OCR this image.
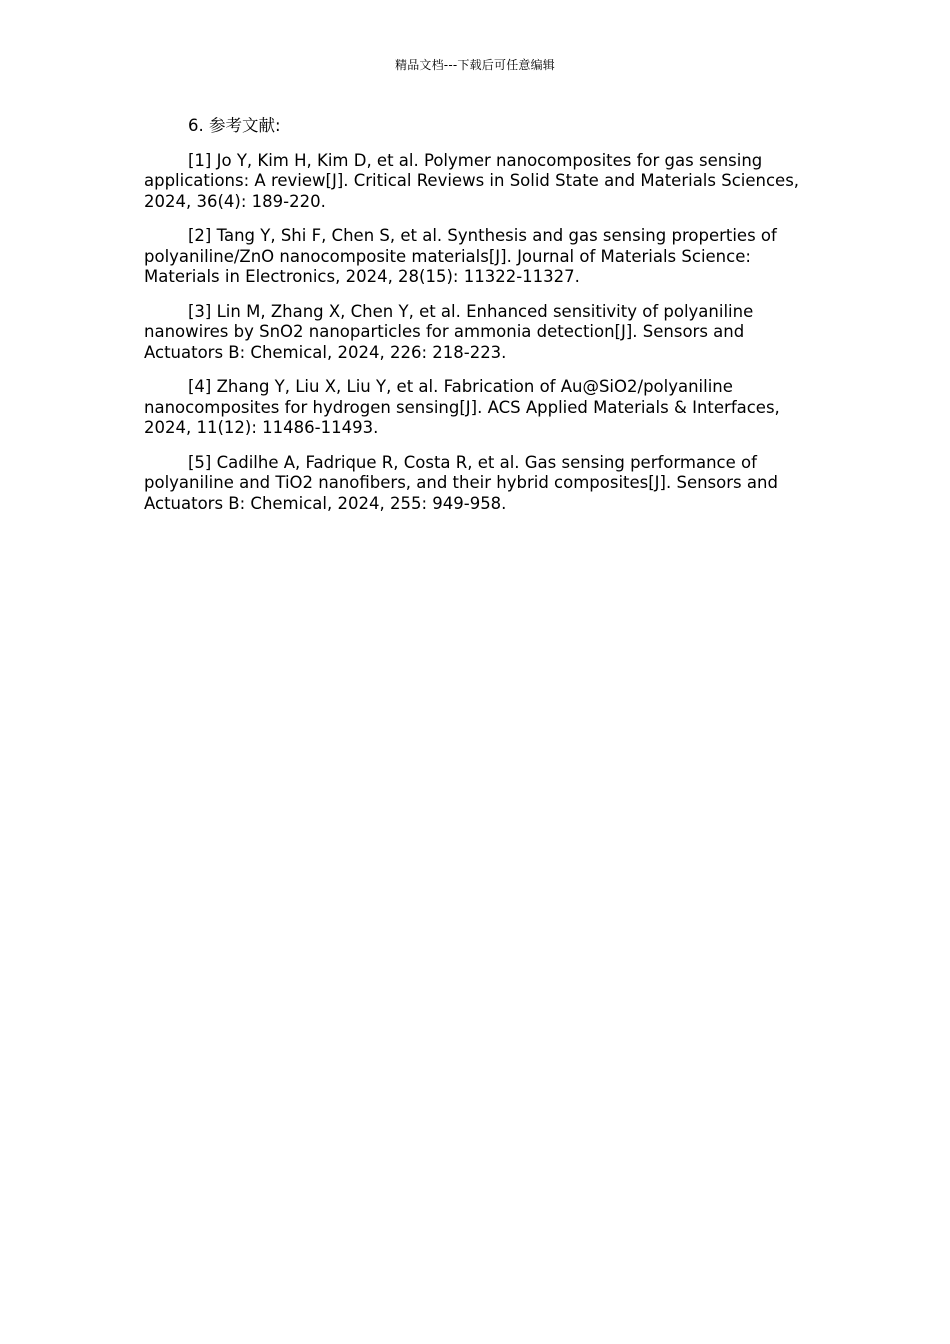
精品文档---下载后可任意编辑

6. 参考文献:

[1] Jo Y, Kim H, Kim D, et al. Polymer nanocomposites for gas sensing applications: A review[J]. Critical Reviews in Solid State and Materials Sciences, 2024, 36(4): 189-220.

[2] Tang Y, Shi F, Chen S, et al. Synthesis and gas sensing properties of polyaniline/ZnO nanocomposite materials[J]. Journal of Materials Science: Materials in Electronics, 2024, 28(15): 11322-11327.

[3] Lin M, Zhang X, Chen Y, et al. Enhanced sensitivity of polyaniline nanowires by SnO2 nanoparticles for ammonia detection[J]. Sensors and Actuators B: Chemical, 2024, 226: 218-223.

[4] Zhang Y, Liu X, Liu Y, et al. Fabrication of Au@SiO2/polyaniline nanocomposites for hydrogen sensing[J]. ACS Applied Materials & Interfaces, 2024, 11(12): 11486-11493.

[5] Cadilhe A, Fadrique R, Costa R, et al. Gas sensing performance of polyaniline and TiO2 nanofibers, and their hybrid composites[J]. Sensors and Actuators B: Chemical, 2024, 255: 949-958.
